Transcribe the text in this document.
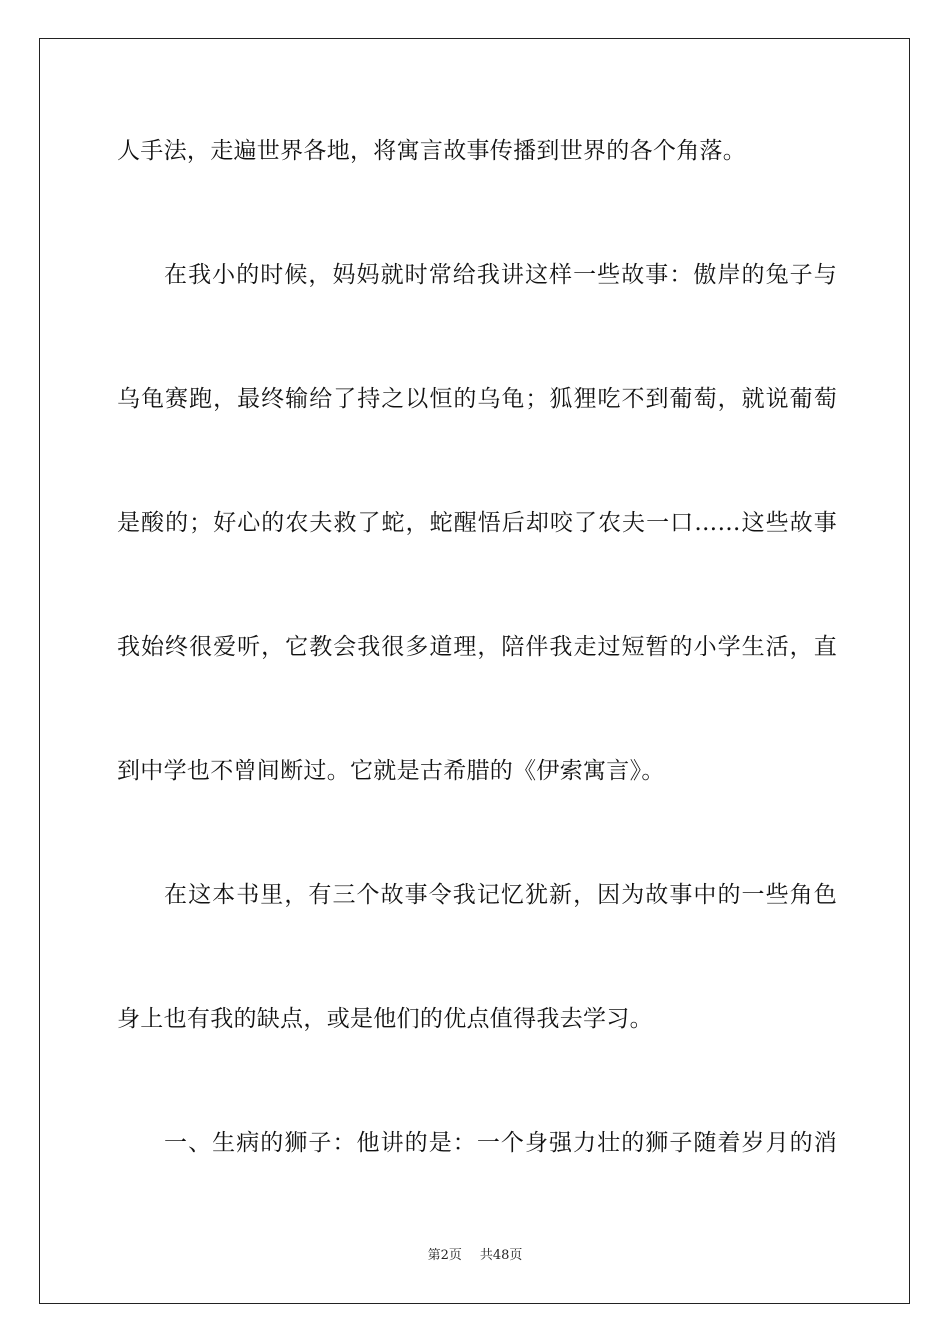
人手法，走遍世界各地，将寓言故事传播到世界的各个角落。
在我小的时候，妈妈就时常给我讲这样一些故事：傲岸的兔子与
乌龟赛跑，最终输给了持之以恒的乌龟；狐狸吃不到葡萄，就说葡萄
是酸的；好心的农夫救了蛇，蛇醒悟后却咬了农夫一口……这些故事
我始终很爱听，它教会我很多道理，陪伴我走过短暂的小学生活，直
到中学也不曾间断过。它就是古希腊的《伊索寓言》。
在这本书里，有三个故事令我记忆犹新，因为故事中的一些角色
身上也有我的缺点，或是他们的优点值得我去学习。
一、生病的狮子：他讲的是：一个身强力壮的狮子随着岁月的消
第2页 共48页
